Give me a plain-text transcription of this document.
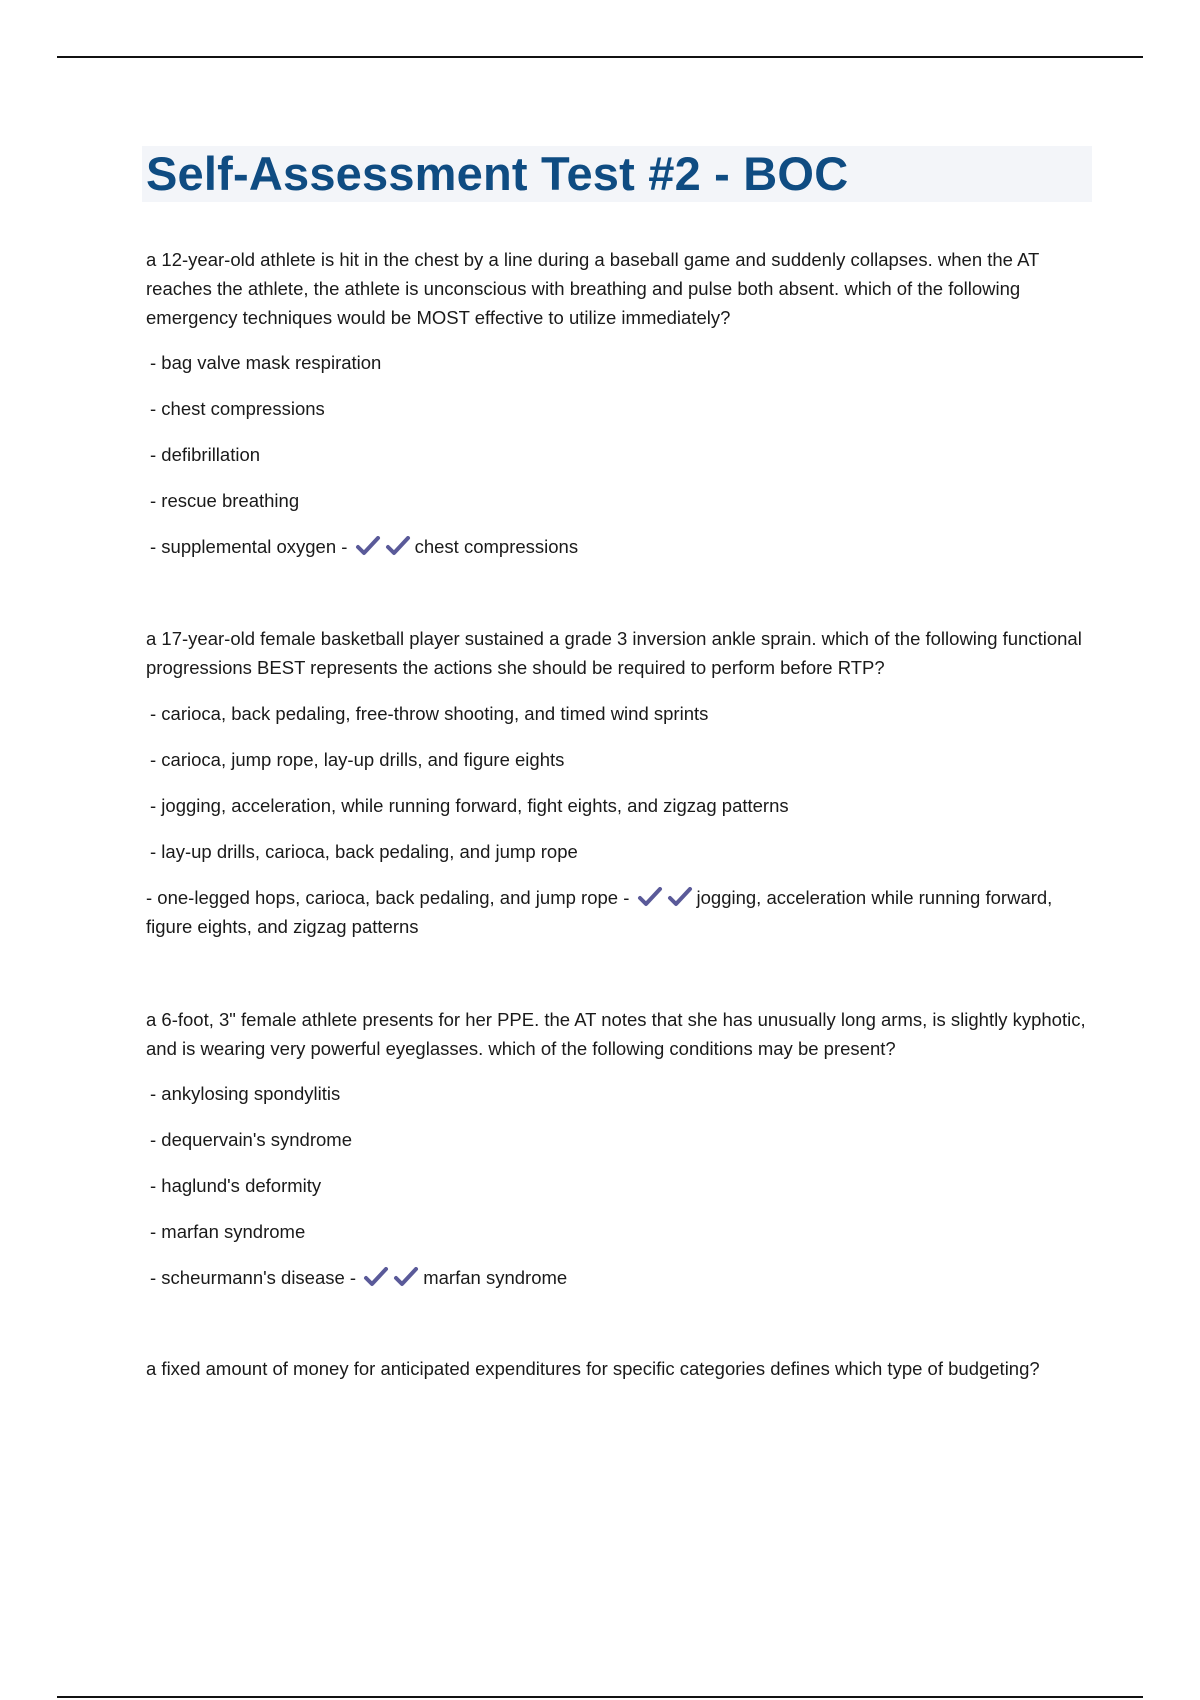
Self-Assessment Test #2 - BOC

a 12-year-old athlete is hit in the chest by a line during a baseball game and suddenly collapses. when the AT reaches the athlete, the athlete is unconscious with breathing and pulse both absent. which of the following emergency techniques would be MOST effective to utilize immediately?

- bag valve mask respiration
- chest compressions
- defibrillation
- rescue breathing
- supplemental oxygen -	chest compressions

a 17-year-old female basketball player sustained a grade 3 inversion ankle sprain. which of the following functional progressions BEST represents the actions she should be required to perform before RTP?

- carioca, back pedaling, free-throw shooting, and timed wind sprints
- carioca, jump rope, lay-up drills, and figure eights
- jogging, acceleration, while running forward, fight eights, and zigzag patterns
- lay-up drills, carioca, back pedaling, and jump rope
- one-legged hops, carioca, back pedaling, and jump rope -	jogging, acceleration while running forward, figure eights, and zigzag patterns

a 6-foot, 3" female athlete presents for her PPE. the AT notes that she has unusually long arms, is slightly kyphotic, and is wearing very powerful eyeglasses. which of the following conditions may be present?

- ankylosing spondylitis
- dequervain's syndrome
- haglund's deformity
- marfan syndrome
- scheurmann's disease -	marfan syndrome

a fixed amount of money for anticipated expenditures for specific categories defines which type of budgeting?
